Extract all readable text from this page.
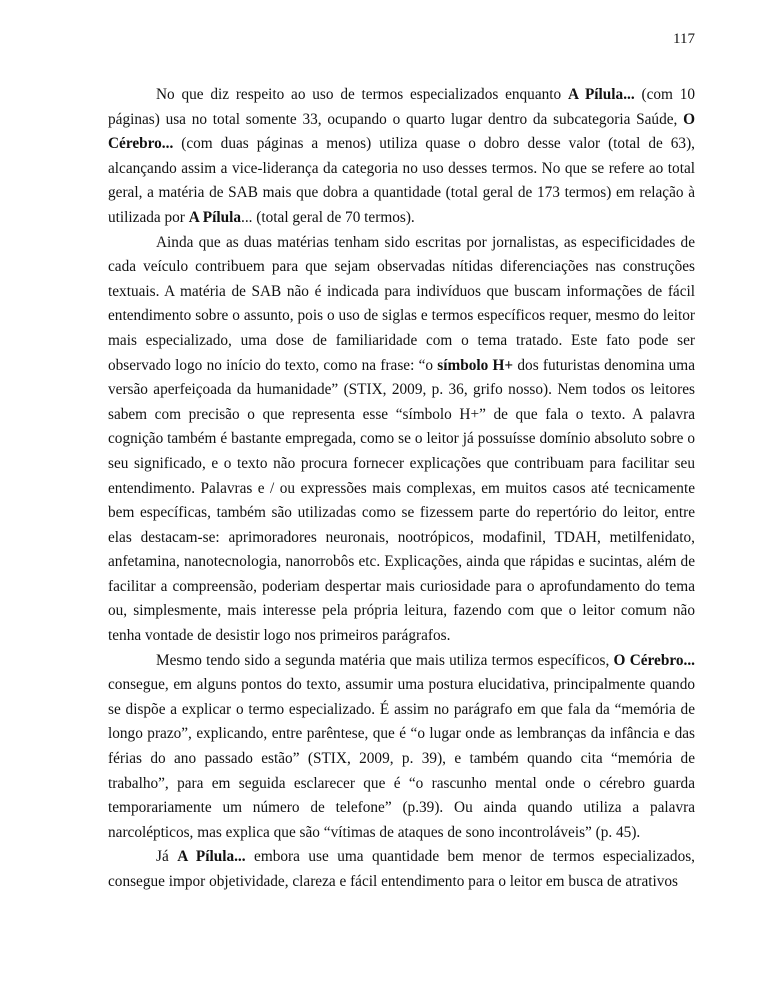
117

No que diz respeito ao uso de termos especializados enquanto A Pílula... (com 10 páginas) usa no total somente 33, ocupando o quarto lugar dentro da subcategoria Saúde, O Cérebro... (com duas páginas a menos) utiliza quase o dobro desse valor (total de 63), alcançando assim a vice-liderança da categoria no uso desses termos. No que se refere ao total geral, a matéria de SAB mais que dobra a quantidade (total geral de 173 termos) em relação à utilizada por A Pílula... (total geral de 70 termos).

Ainda que as duas matérias tenham sido escritas por jornalistas, as especificidades de cada veículo contribuem para que sejam observadas nítidas diferenciações nas construções textuais. A matéria de SAB não é indicada para indivíduos que buscam informações de fácil entendimento sobre o assunto, pois o uso de siglas e termos específicos requer, mesmo do leitor mais especializado, uma dose de familiaridade com o tema tratado. Este fato pode ser observado logo no início do texto, como na frase: “o símbolo H+ dos futuristas denomina uma versão aperfeiçoada da humanidade” (STIX, 2009, p. 36, grifo nosso). Nem todos os leitores sabem com precisão o que representa esse “símbolo H+” de que fala o texto. A palavra cognição também é bastante empregada, como se o leitor já possuísse domínio absoluto sobre o seu significado, e o texto não procura fornecer explicações que contribuam para facilitar seu entendimento. Palavras e / ou expressões mais complexas, em muitos casos até tecnicamente bem específicas, também são utilizadas como se fizessem parte do repertório do leitor, entre elas destacam-se: aprimoradores neuronais, nootrópicos, modafinil, TDAH, metilfenidato, anfetamina, nanotecnologia, nanorrobôs etc. Explicações, ainda que rápidas e sucintas, além de facilitar a compreensão, poderiam despertar mais curiosidade para o aprofundamento do tema ou, simplesmente, mais interesse pela própria leitura, fazendo com que o leitor comum não tenha vontade de desistir logo nos primeiros parágrafos.

Mesmo tendo sido a segunda matéria que mais utiliza termos específicos, O Cérebro... consegue, em alguns pontos do texto, assumir uma postura elucidativa, principalmente quando se dispõe a explicar o termo especializado. É assim no parágrafo em que fala da “memória de longo prazo”, explicando, entre parêntese, que é “o lugar onde as lembranças da infância e das férias do ano passado estão” (STIX, 2009, p. 39), e também quando cita “memória de trabalho”, para em seguida esclarecer que é “o rascunho mental onde o cérebro guarda temporariamente um número de telefone” (p.39). Ou ainda quando utiliza a palavra narcolépticos, mas explica que são “vítimas de ataques de sono incontroláveis” (p. 45).

Já A Pílula... embora use uma quantidade bem menor de termos especializados, consegue impor objetividade, clareza e fácil entendimento para o leitor em busca de atrativos
